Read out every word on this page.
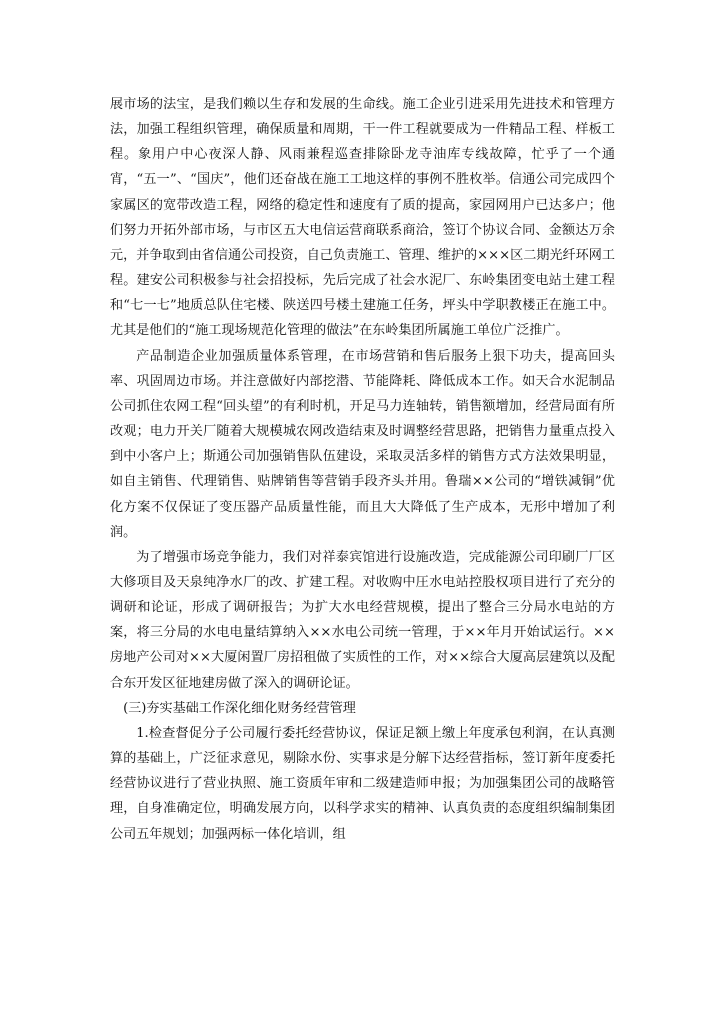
展市场的法宝，是我们赖以生存和发展的生命线。施工企业引进采用先进技术和管理方法，加强工程组织管理，确保质量和周期，干一件工程就要成为一件精品工程、样板工程。象用户中心夜深人静、风雨兼程巡查排除卧龙寺油库专线故障，忙乎了一个通宵，“五一”、“国庆”，他们还奋战在施工工地这样的事例不胜枚举。信通公司完成四个家属区的宽带改造工程，网络的稳定性和速度有了质的提高，家园网用户已达多户；他们努力开拓外部市场，与市区五大电信运营商联系商洽，签订个协议合同、金额达万余元，并争取到由省信通公司投资，自己负责施工、管理、维护的×××区二期光纤环网工程。建安公司积极参与社会招投标，先后完成了社会水泥厂、东岭集团变电站土建工程和“七一七”地质总队住宅楼、陕送四号楼土建施工任务，坪头中学职教楼正在施工中。尤其是他们的“施工现场规范化管理的做法”在东岭集团所属施工单位广泛推广。

产品制造企业加强质量体系管理，在市场营销和售后服务上狠下功夫，提高回头率、巩固周边市场。并注意做好内部挖潜、节能降耗、降低成本工作。如天合水泥制品公司抓住农网工程“回头望”的有利时机，开足马力连轴转，销售额增加，经营局面有所改观；电力开关厂随着大规模城农网改造结束及时调整经营思路，把销售力量重点投入到中小客户上；斯通公司加强销售队伍建设，采取灵活多样的销售方式方法效果明显，如自主销售、代理销售、贴牌销售等营销手段齐头并用。鲁瑞××公司的“增铁减铜”优化方案不仅保证了变压器产品质量性能，而且大大降低了生产成本，无形中增加了利润。

为了增强市场竞争能力，我们对祥泰宾馆进行设施改造，完成能源公司印刷厂厂区大修项目及天泉纯净水厂的改、扩建工程。对收购中圧水电站控股权项目进行了充分的调研和论证，形成了调研报告；为扩大水电经营规模，提出了整合三分局水电站的方案，将三分局的水电电量结算纳入××水电公司统一管理，于××年月开始试运行。××房地产公司对××大厦闲置厂房招租做了实质性的工作，对××综合大厦高层建筑以及配合东开发区征地建房做了深入的调研论证。

(三)夯实基础工作深化细化财务经营管理

1.检查督促分子公司履行委托经营协议，保证足额上缴上年度承包利润，在认真测算的基础上，广泛征求意见，剔除水份、实事求是分解下达经营指标，签订新年度委托经营协议进行了营业执照、施工资质年审和二级建造师申报；为加强集团公司的战略管理，自身准确定位，明确发展方向，以科学求实的精神、认真负责的态度组织编制集团公司五年规划；加强两标一体化培训，组
